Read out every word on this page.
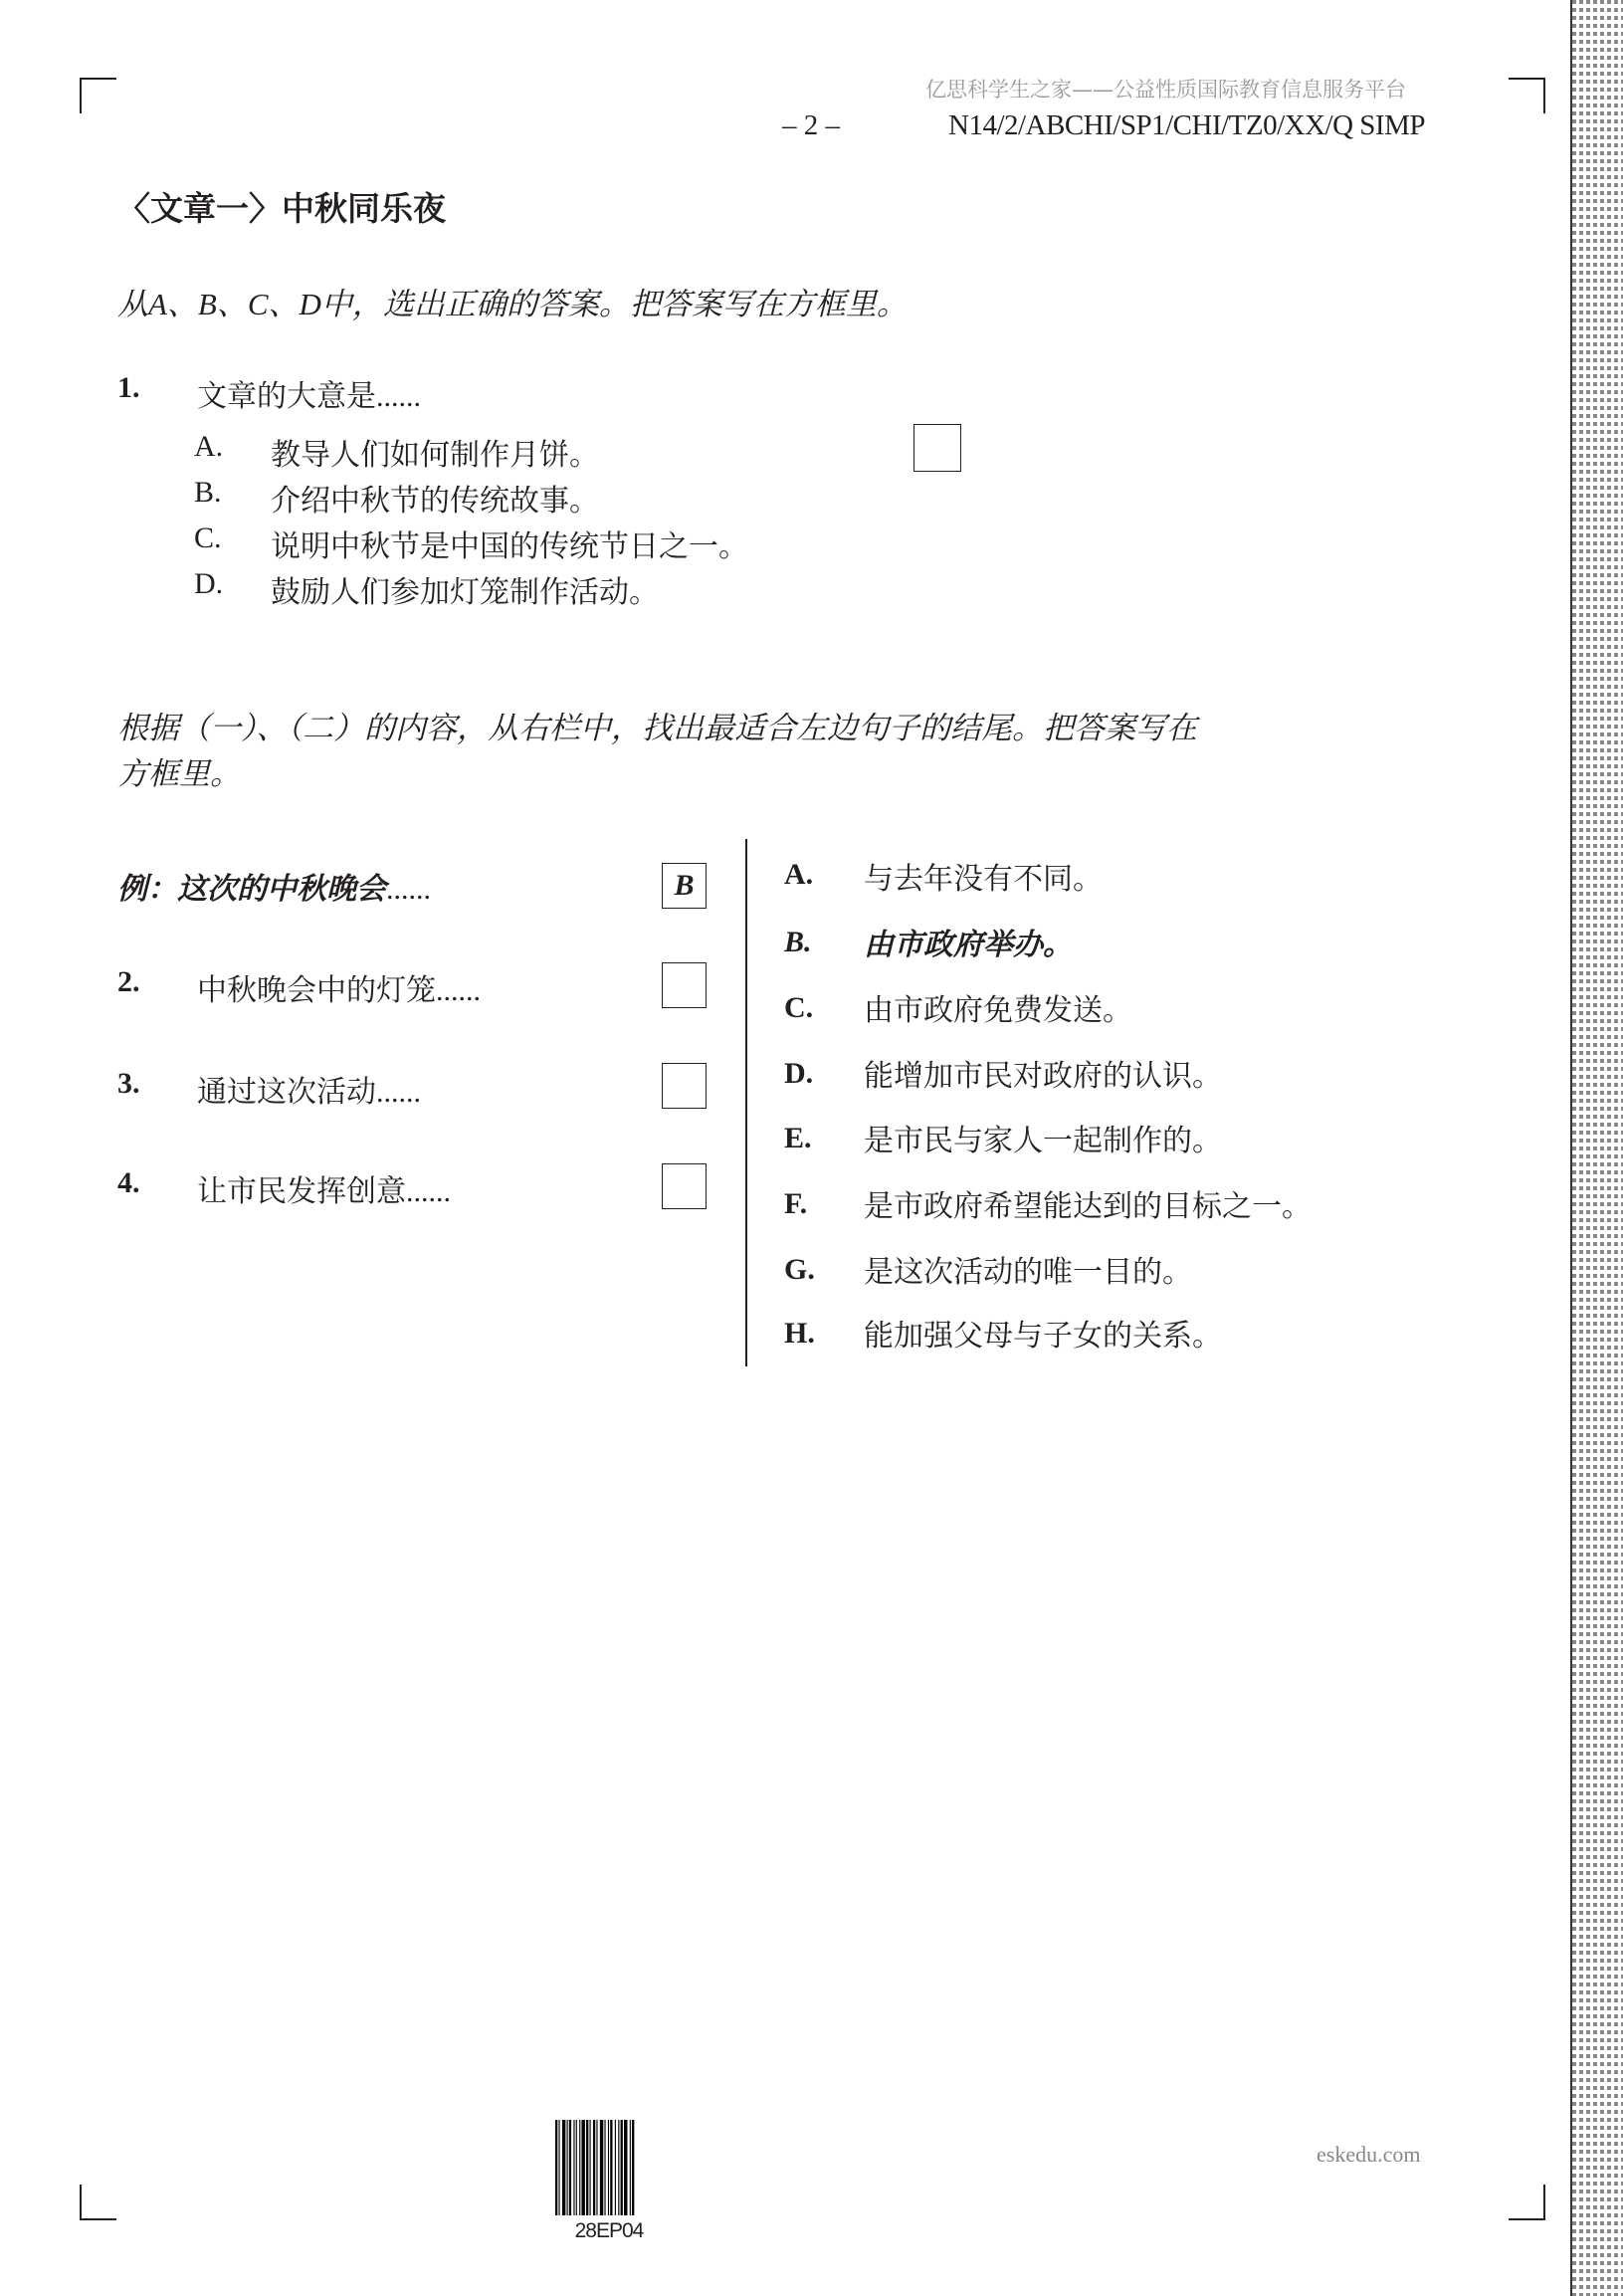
亿思科学生之家——公益性质国际教育信息服务平台
– 2 –	N14/2/ABCHI/SP1/CHI/TZ0/XX/Q SIMP
〈文章一〉中秋同乐夜
从A、B、C、D中，选出正确的答案。把答案写在方框里。
1. 文章的大意是......
A. 教导人们如何制作月饼。
B. 介绍中秋节的传统故事。
C. 说明中秋节是中国的传统节日之一。
D. 鼓励人们参加灯笼制作活动。
根据（一）、（二）的内容，从右栏中，找出最适合左边句子的结尾。把答案写在
方框里。
例：这次的中秋晚会......	B
2. 中秋晚会中的灯笼......
3. 通过这次活动......
4. 让市民发挥创意......
A. 与去年没有不同。
B. 由市政府举办。
C. 由市政府免费发送。
D. 能增加市民对政府的认识。
E. 是市民与家人一起制作的。
F. 是市政府希望能达到的目标之一。
G. 是这次活动的唯一目的。
H. 能加强父母与子女的关系。
28EP04
eskedu.com
